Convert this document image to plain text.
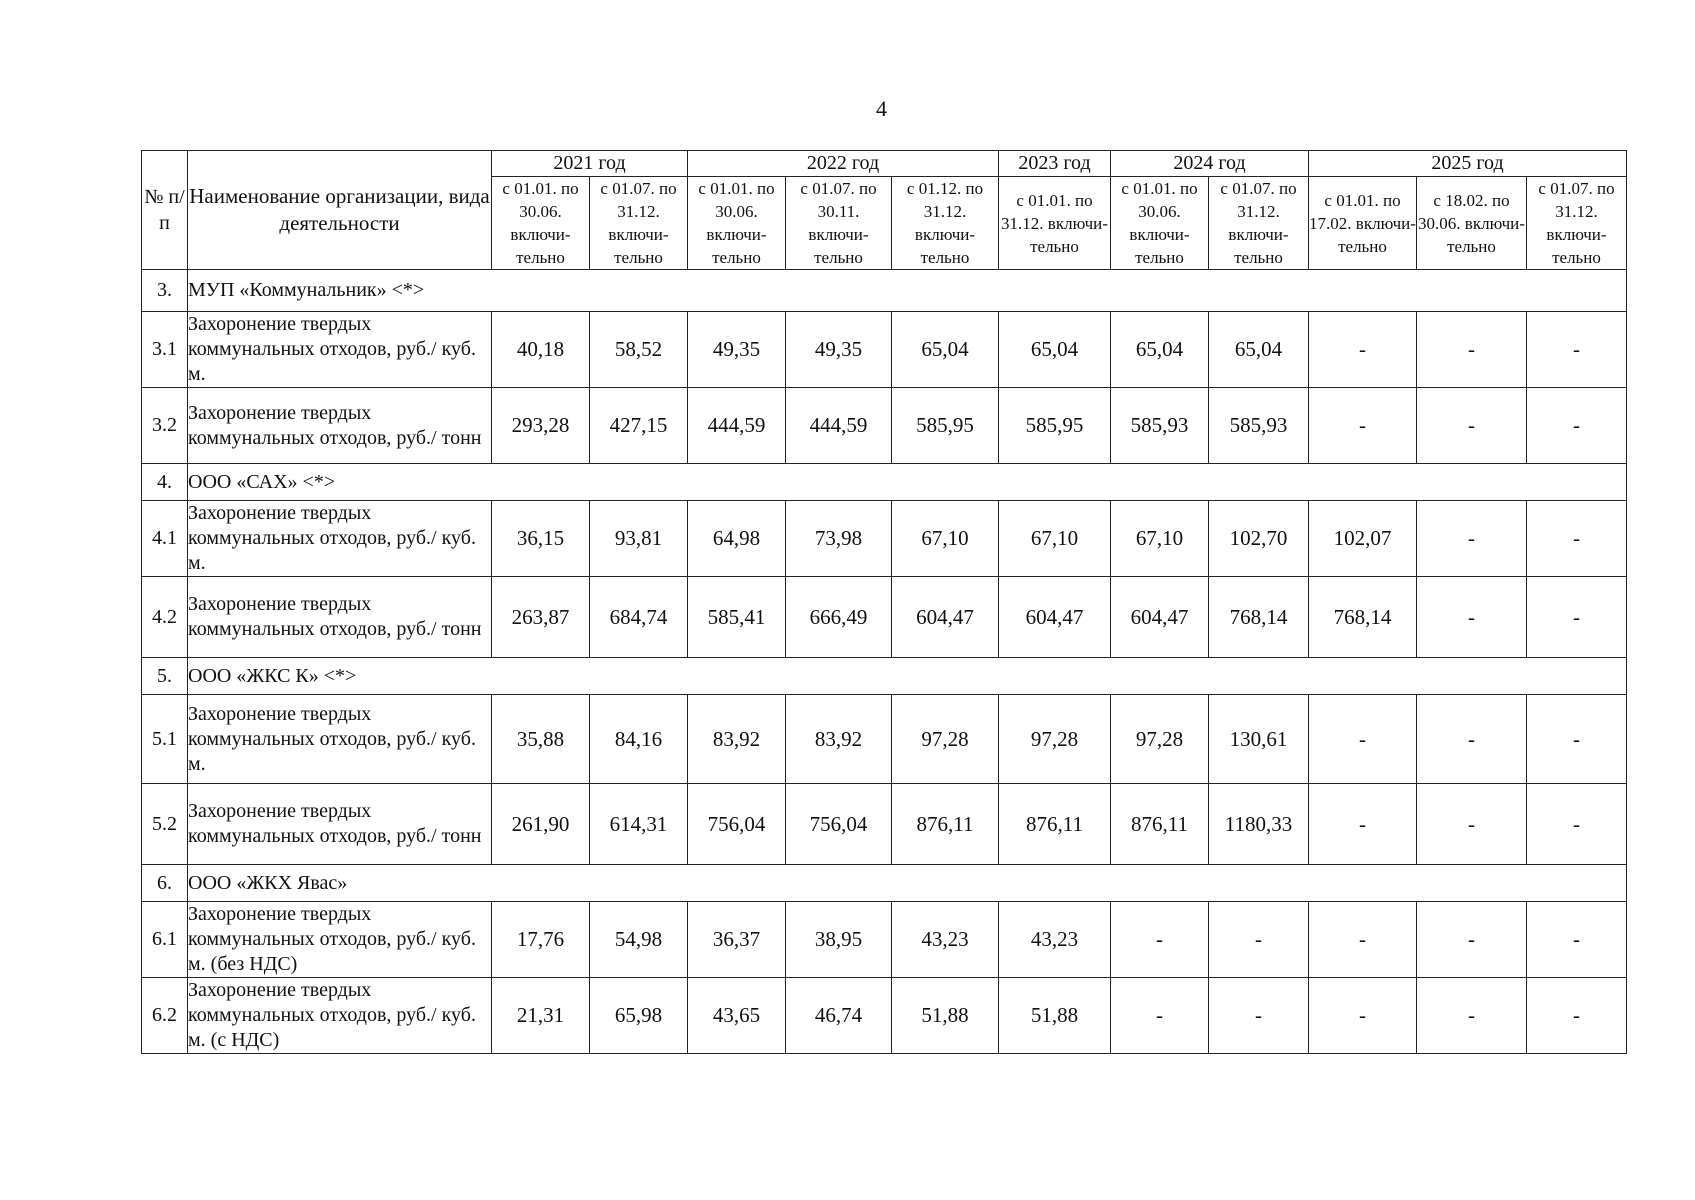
4
№ п/п	Наименование организации, вида деятельности	2021 год		2022 год			2023 год	2024 год		2025 год		
		с 01.01. по 30.06. включи-тельно	с 01.07. по 31.12. включи-тельно	с 01.01. по 30.06. включи-тельно	с 01.07. по 30.11. включи-тельно	с 01.12. по 31.12. включи-тельно	с 01.01. по 31.12. включи-тельно	с 01.01. по 30.06. включи-тельно	с 01.07. по 31.12. включи-тельно	с 01.01. по 17.02. включи-тельно	с 18.02. по 30.06. включи-тельно	с 01.07. по 31.12. включи-тельно
3.	МУП «Коммунальник» <*>											
3.1	Захоронение твердых коммунальных отходов, руб./ куб. м.	40,18	58,52	49,35	49,35	65,04	65,04	65,04	65,04	-	-	-
3.2	Захоронение твердых коммунальных отходов, руб./ тонн	293,28	427,15	444,59	444,59	585,95	585,95	585,93	585,93	-	-	-
4.	ООО «САХ» <*>											
4.1	Захоронение твердых коммунальных отходов, руб./ куб. м.	36,15	93,81	64,98	73,98	67,10	67,10	67,10	102,70	102,07	-	-
4.2	Захоронение твердых коммунальных отходов, руб./ тонн	263,87	684,74	585,41	666,49	604,47	604,47	604,47	768,14	768,14	-	-
5.	ООО «ЖКС К» <*>											
5.1	Захоронение твердых коммунальных отходов, руб./ куб. м.	35,88	84,16	83,92	83,92	97,28	97,28	97,28	130,61	-	-	-
5.2	Захоронение твердых коммунальных отходов, руб./ тонн	261,90	614,31	756,04	756,04	876,11	876,11	876,11	1180,33	-	-	-
6.	ООО «ЖКХ Явас»											
6.1	Захоронение твердых коммунальных отходов, руб./ куб. м. (без НДС)	17,76	54,98	36,37	38,95	43,23	43,23	-	-	-	-	-
6.2	Захоронение твердых коммунальных отходов, руб./ куб. м. (с НДС)	21,31	65,98	43,65	46,74	51,88	51,88	-	-	-	-	-
